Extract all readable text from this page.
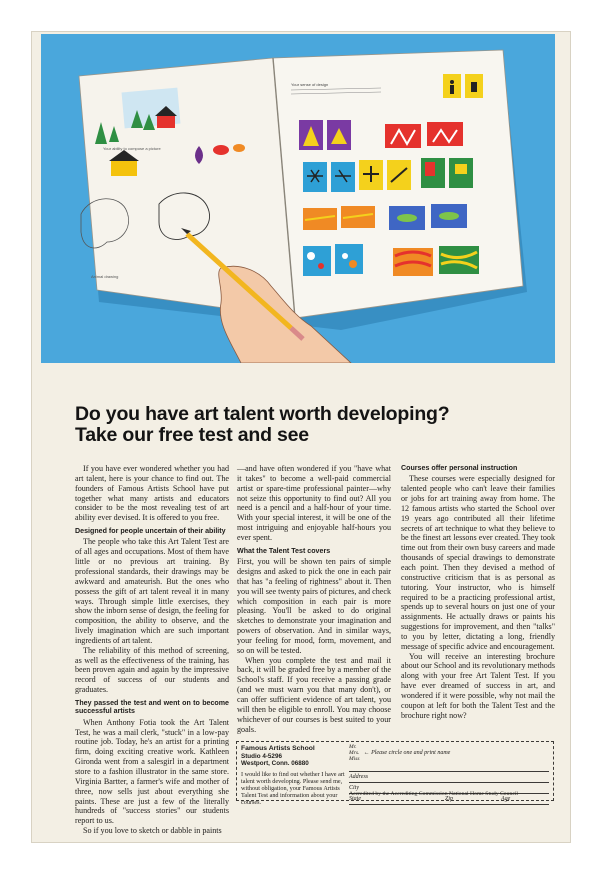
Your ability to compose a picture
Animal drawing
Your sense of design
Do you have art talent worth developing?
Take our free test and see

If you have ever wondered whether you had art talent, here is your chance to find out. The founders of Famous Artists School have put together what many artists and educators consider to be the most revealing test of art ability ever devised. It is offered to you free.

Designed for people uncertain of their ability

The people who take this Art Talent Test are of all ages and occupations. Most of them have little or no previous art training. By professional standards, their drawings may be awkward and amateurish. But the ones who possess the gift of art talent reveal it in many ways. Through simple little exercises, they show the inborn sense of design, the feeling for composition, the ability to observe, and the lively imagination which are such important ingredients of art talent.

The reliability of this method of screening, as well as the effectiveness of the training, has been proven again and again by the impressive record of success of our students and graduates.

They passed the test and went on to become successful artists

When Anthony Fotia took the Art Talent Test, he was a mail clerk, "stuck" in a low-pay routine job. Today, he's an artist for a printing firm, doing exciting creative work. Kathleen Gironda went from a salesgirl in a department store to a fashion illustrator in the same store. Virginia Bartter, a farmer's wife and mother of three, now sells just about everything she paints. These are just a few of the literally hundreds of "success stories" our students report to us.

So if you love to sketch or dabble in paints

—and have often wondered if you "have what it takes" to become a well-paid commercial artist or spare-time professional painter—why not seize this opportunity to find out? All you need is a pencil and a half-hour of your time. With your special interest, it will be one of the most intriguing and enjoyable half-hours you ever spent.

What the Talent Test covers

First, you will be shown ten pairs of simple designs and asked to pick the one in each pair that has "a feeling of rightness" about it. Then you will see twenty pairs of pictures, and check which composition in each pair is more pleasing. You'll be asked to do original sketches to demonstrate your imagination and powers of observation. And in similar ways, your feeling for mood, form, movement, and so on will be tested.

When you complete the test and mail it back, it will be graded free by a member of the School's staff. If you receive a passing grade (and we must warn you that many don't), or can offer sufficient evidence of art talent, you will then be eligible to enroll. You may choose whichever of our courses is best suited to your goals.

Courses offer personal instruction

These courses were especially designed for talented people who can't leave their families or jobs for art training away from home. The 12 famous artists who started the School over 19 years ago contributed all their lifetime secrets of art technique to what they believe to be the finest art lessons ever created. They took time out from their own busy careers and made thousands of special drawings to demonstrate each point. Then they devised a method of constructive criticism that is as personal as tutoring. Your instructor, who is himself required to be a practicing professional artist, spends up to several hours on just one of your assignments. He actually draws or paints his suggestions for improvement, and then "talks" to you by letter, dictating a long, friendly message of specific advice and encouragement.

You will receive an interesting brochure about our School and its revolutionary methods along with your free Art Talent Test. If you have ever dreamed of success in art, and wondered if it were possible, why not mail the coupon at left for both the Talent Test and the brochure right now?

Famous Artists School
Studio 4-5296
Westport, Conn. 06880
I would like to find out whether I have art talent worth developing. Please send me, without obligation, your Famous Artists Talent Test and information about your courses.
Mr.
Mrs.
Miss
← Please circle one and print name
Address
City
State	Zip	Age
Accredited by the Accrediting Commission National Home Study Council
